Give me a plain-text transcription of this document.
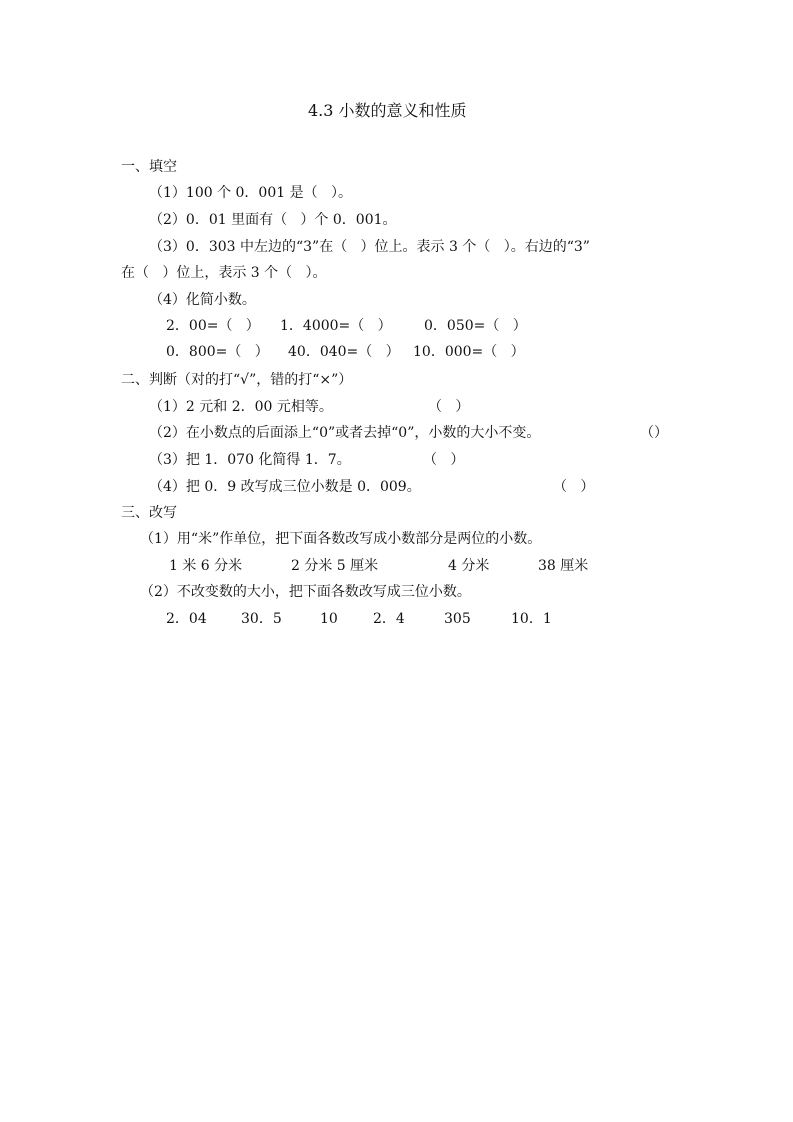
4.3 小数的意义和性质
一、填空
（1）100 个 0．001 是（   ）。
（2）0．01 里面有（   ）个 0．001。
（3）0．303 中左边的“3”在（   ）位上。表示 3 个（   ）。右边的“3”
在（   ）位上，表示 3 个（   ）。
（4）化简小数。
2．00=（   ） 1．4000=（   ） 0．050=（   ）
0．800=（   ） 40．040=（   ） 10．000=（   ）
二、判断（对的打“√”，错的打“×”）
（1）2 元和 2．00 元相等。	（   ）
（2）在小数点的后面添上“0”或者去掉“0”，小数的大小不变。	（）
（3）把 1．070 化简得 1．7。	（   ）
（4）把 0．9 改写成三位小数是 0．009。	（   ）
三、改写
（1）用“米”作单位，把下面各数改写成小数部分是两位的小数。
1 米 6 分米	2 分米 5 厘米	4 分米	38 厘米
（2）不改变数的大小，把下面各数改写成三位小数。
2．04 30．5	10	2．4	305	10．1
